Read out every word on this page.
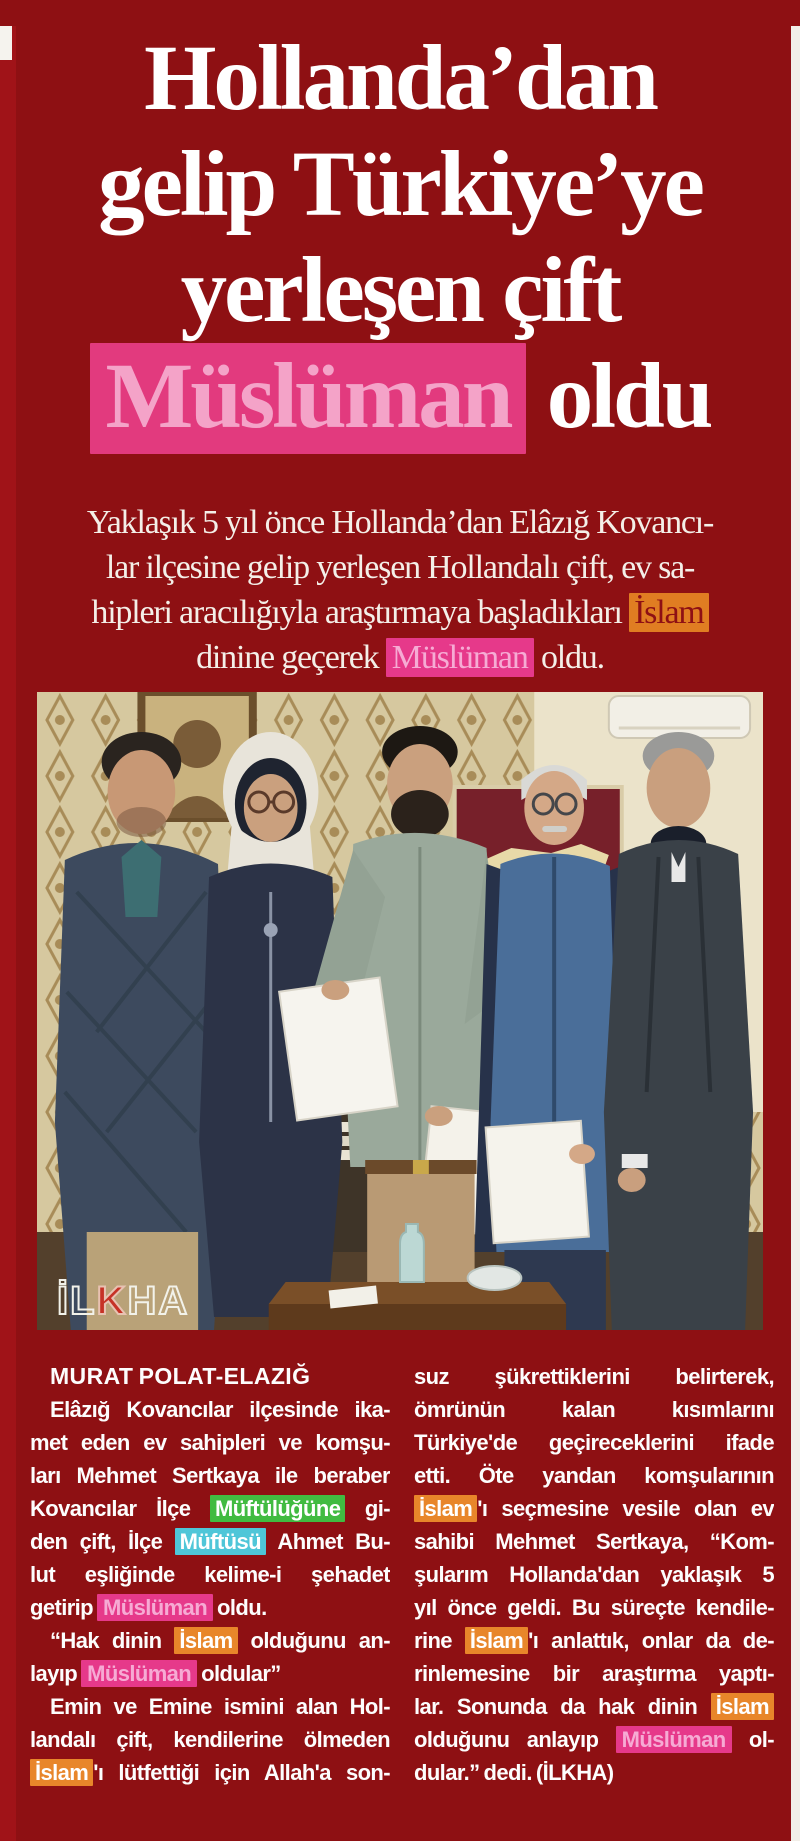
Hollanda’dan
gelip Türkiye’ye
yerleşen çift
Müslüman oldu
Yaklaşık 5 yıl önce Hollanda’dan Elâzığ Kovancı-
lar ilçesine gelip yerleşen Hollandalı çift, ev sa-
hipleri aracılığıyla araştırmaya başladıkları İslam
dinine geçerek Müslüman oldu.
İLKHA
MURAT POLAT-ELAZIĞ
Elâzığ Kovancılar ilçesinde ika-
met eden ev sahipleri ve komşu-
ları Mehmet Sertkaya ile beraber
Kovancılar İlçe Müftülüğüne gi-
den çift, İlçe Müftüsü Ahmet Bu-
lut eşliğinde kelime-i şehadet
getirip Müslüman oldu.
“Hak dinin İslam olduğunu an-
layıp Müslüman oldular”
Emin ve Emine ismini alan Hol-
landalı çift, kendilerine ölmeden
İslam 'ı lütfettiği için Allah'a son-
suz şükrettiklerini belirterek,
ömrünün kalan kısımlarını
Türkiye'de geçireceklerini ifade
etti. Öte yandan komşularının
İslam 'ı seçmesine vesile olan ev
sahibi Mehmet Sertkaya, “Kom-
şularım Hollanda'dan yaklaşık 5
yıl önce geldi. Bu süreçte kendile-
rine İslam 'ı anlattık, onlar da de-
rinlemesine bir araştırma yaptı-
lar. Sonunda da hak dinin İslam
olduğunu anlayıp Müslüman ol-
dular.” dedi. (İLKHA)
